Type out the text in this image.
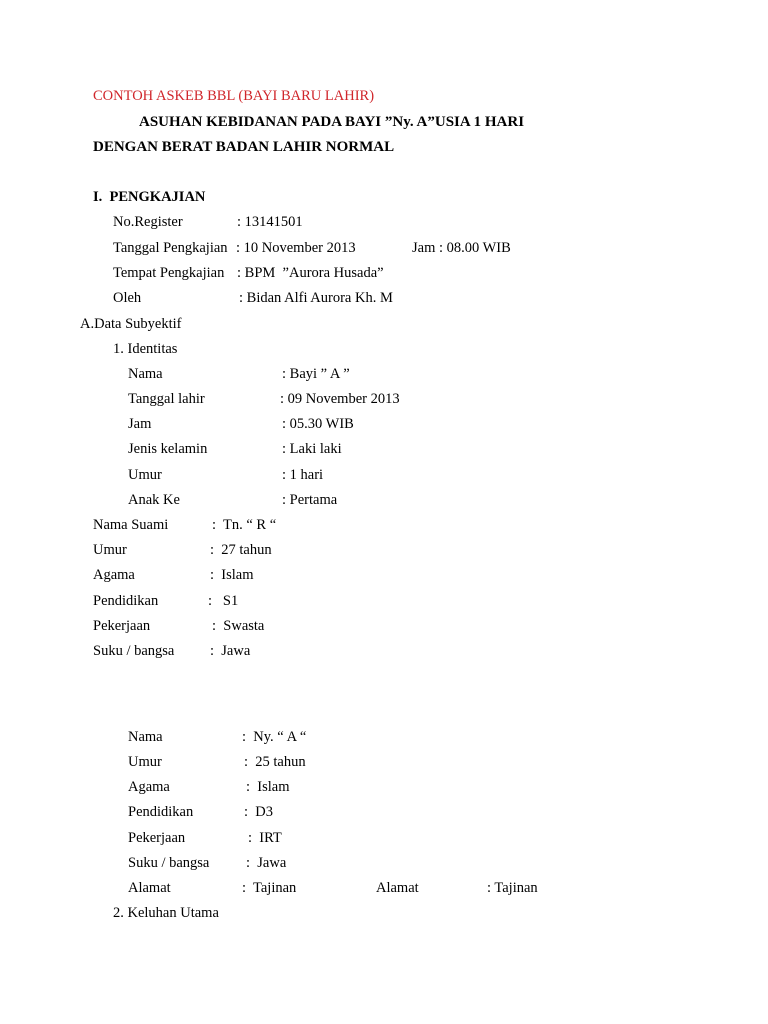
CONTOH ASKEB BBL (BAYI BARU LAHIR)
ASUHAN KEBIDANAN PADA BAYI ”Ny. A”USIA 1 HARI
DENGAN BERAT BADAN LAHIR NORMAL
I.  PENGKAJIAN
No.Register	: 13141501
Tanggal Pengkajian : 10 November 2013	Jam : 08.00 WIB
Tempat Pengkajian : BPM  ”Aurora Husada”
Oleh	: Bidan Alfi Aurora Kh. M
A.Data Subyektif
1. Identitas
Nama	: Bayi ” A ”
Tanggal lahir	: 09 November 2013
Jam	: 05.30 WIB
Jenis kelamin	: Laki laki
Umur	: 1 hari
Anak Ke	: Pertama
Nama Suami	:  Tn. “ R “
Umur	:  27 tahun
Agama	:  Islam
Pendidikan	:   S1
Pekerjaan	:  Swasta
Suku / bangsa :  Jawa
Nama	:  Ny. “ A “
Umur	:  25 tahun
Agama	:  Islam
Pendidikan	:  D3
Pekerjaan	:  IRT
Suku / bangsa	:  Jawa
Alamat	:  Tajinan	Alamat	: Tajinan
2. Keluhan Utama
